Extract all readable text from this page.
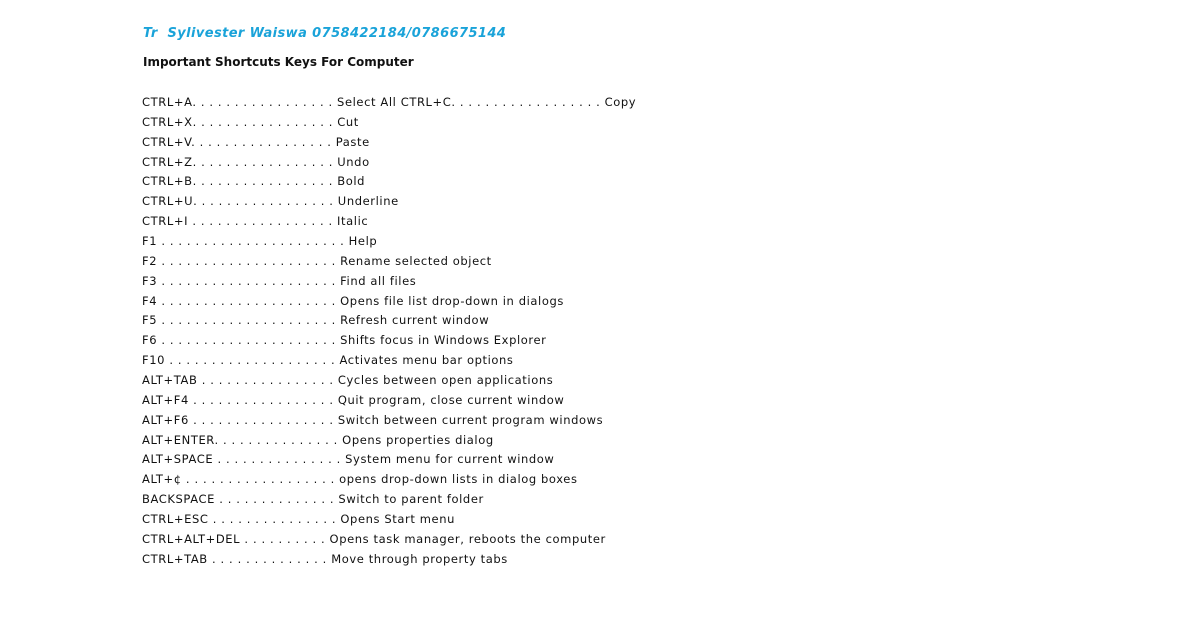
Tr  Sylivester Waiswa 0758422184/0786675144
Important Shortcuts Keys For Computer
CTRL+A. . . . . . . . . . . . . . . . . Select All CTRL+C. . . . . . . . . . . . . . . . . . Copy
CTRL+X. . . . . . . . . . . . . . . . . Cut
CTRL+V. . . . . . . . . . . . . . . . . Paste
CTRL+Z. . . . . . . . . . . . . . . . . Undo
CTRL+B. . . . . . . . . . . . . . . . . Bold
CTRL+U. . . . . . . . . . . . . . . . . Underline
CTRL+I . . . . . . . . . . . . . . . . . Italic
F1 . . . . . . . . . . . . . . . . . . . . . . Help
F2 . . . . . . . . . . . . . . . . . . . . . Rename selected object
F3 . . . . . . . . . . . . . . . . . . . . . Find all files
F4 . . . . . . . . . . . . . . . . . . . . . Opens file list drop-down in dialogs
F5 . . . . . . . . . . . . . . . . . . . . . Refresh current window
F6 . . . . . . . . . . . . . . . . . . . . . Shifts focus in Windows Explorer
F10 . . . . . . . . . . . . . . . . . . . . Activates menu bar options
ALT+TAB . . . . . . . . . . . . . . . . Cycles between open applications
ALT+F4 . . . . . . . . . . . . . . . . . Quit program, close current window
ALT+F6 . . . . . . . . . . . . . . . . . Switch between current program windows
ALT+ENTER. . . . . . . . . . . . . . . Opens properties dialog
ALT+SPACE . . . . . . . . . . . . . . . System menu for current window
ALT+¢ . . . . . . . . . . . . . . . . . . opens drop-down lists in dialog boxes
BACKSPACE . . . . . . . . . . . . . . Switch to parent folder
CTRL+ESC . . . . . . . . . . . . . . . Opens Start menu
CTRL+ALT+DEL . . . . . . . . . . Opens task manager, reboots the computer
CTRL+TAB . . . . . . . . . . . . . . Move through property tabs
